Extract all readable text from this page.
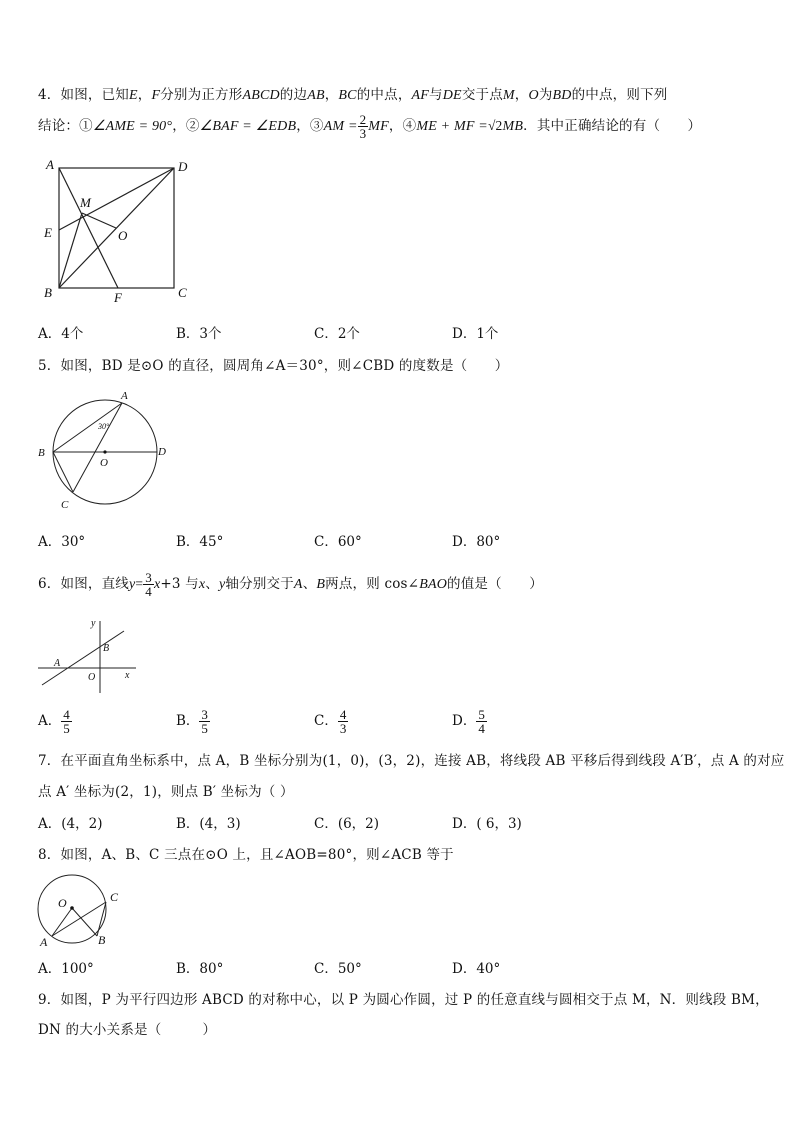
4．如图，已知E，F分别为正方形ABCD的边AB，BC的中点，AF与DE交于点M，O为BD的中点，则下列
结论：①∠AME = 90°，②∠BAF = ∠EDB，③AM = $\frac{2}{3}$ MF，④ME + MF =√2MB．其中正确结论的有（　　）
A	D
M
E	O
B	F	C
A．4个	B．3个	C．2个	D．1个
5．如图，BD 是⊙O 的直径，圆周角∠A＝30°，则∠CBD 的度数是（　　）
A
B	D
O
C
30°
A．30°	B．45°	C．60°	D．80°
6．如图，直线$y= \frac{3}{4} x+3$ 与x、y轴分别交于A、B两点，则 cos∠BAO的值是（　　）
y
B
A
O	x
A． $\frac{4}{5}$	B． $\frac{3}{5}$	C． $\frac{4}{3}$	D． $\frac{5}{4}$
7．在平面直角坐标系中，点 A，B 坐标分别为(1，0)，(3，2)，连接 AB，将线段 AB 平移后得到线段 A′B′，点 A 的对应
点 A′ 坐标为(2，1)，则点 B′ 坐标为（ ）
A．(4，2)	B．(4，3)	C．(6，2)	D．( 6，3)
8．如图，A、B、C 三点在⊙O 上，且∠AOB=80°，则∠ACB 等于
O	C
A	B
A．100°	B．80°	C．50°	D．40°
9．如图，P 为平行四边形 ABCD 的对称中心，以 P 为圆心作圆，过 P 的任意直线与圆相交于点 M，N．则线段 BM，
DN 的大小关系是（　　　）
